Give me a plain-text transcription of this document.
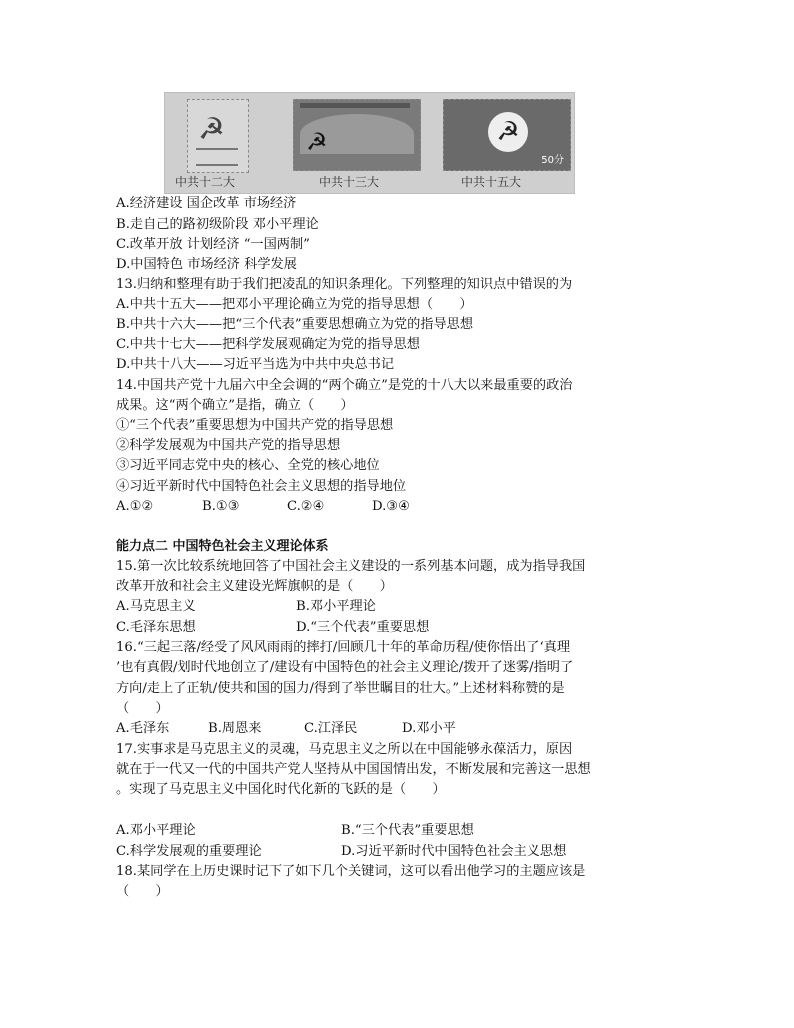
☭	☭	☭
50分
中共十二大	中共十三大	中共十五大
A.经济建设 国企改革 市场经济
B.走自己的路初级阶段 邓小平理论
C.改革开放 计划经济 “一国两制”
D.中国特色 市场经济 科学发展
13.归纳和整理有助于我们把凌乱的知识条理化。下列整理的知识点中错误的为
A.中共十五大——把邓小平理论确立为党的指导思想（　　）
B.中共十六大——把“三个代表”重要思想确立为党的指导思想
C.中共十七大——把科学发展观确定为党的指导思想
D.中共十八大——习近平当选为中共中央总书记
14.中国共产党十九届六中全会调的“两个确立”是党的十八大以来最重要的政治
成果。这“两个确立”是指，确立（　　）
①“三个代表”重要思想为中国共产党的指导思想
②科学发展观为中国共产党的指导思想
③习近平同志党中央的核心、全党的核心地位
④习近平新时代中国特色社会主义思想的指导地位
A.①②	B.①③	C.②④	D.③④
能力点二 中国特色社会主义理论体系
15.第一次比较系统地回答了中国社会主义建设的一系列基本问题，成为指导我国
改革开放和社会主义建设光辉旗帜的是（　　）
A.马克思主义	B.邓小平理论
C.毛泽东思想	D.“三个代表”重要思想
16.“三起三落/经受了风风雨雨的摔打/回顾几十年的革命历程/使你悟出了‘真理
’也有真假/划时代地创立了/建设有中国特色的社会主义理论/拨开了迷雾/指明了
方向/走上了正轨/使共和国的国力/得到了举世瞩目的壮大。”上述材料称赞的是
（　　）
A.毛泽东	B.周恩来	C.江泽民	D.邓小平
17.实事求是马克思主义的灵魂，马克思主义之所以在中国能够永葆活力，原因
就在于一代又一代的中国共产党人坚持从中国国情出发，不断发展和完善这一思想
。实现了马克思主义中国化时代化新的飞跃的是（　　）
A.邓小平理论	B.“三个代表”重要思想
C.科学发展观的重要理论	D.习近平新时代中国特色社会主义思想
18.某同学在上历史课时记下了如下几个关键词，这可以看出他学习的主题应该是
（　　）
